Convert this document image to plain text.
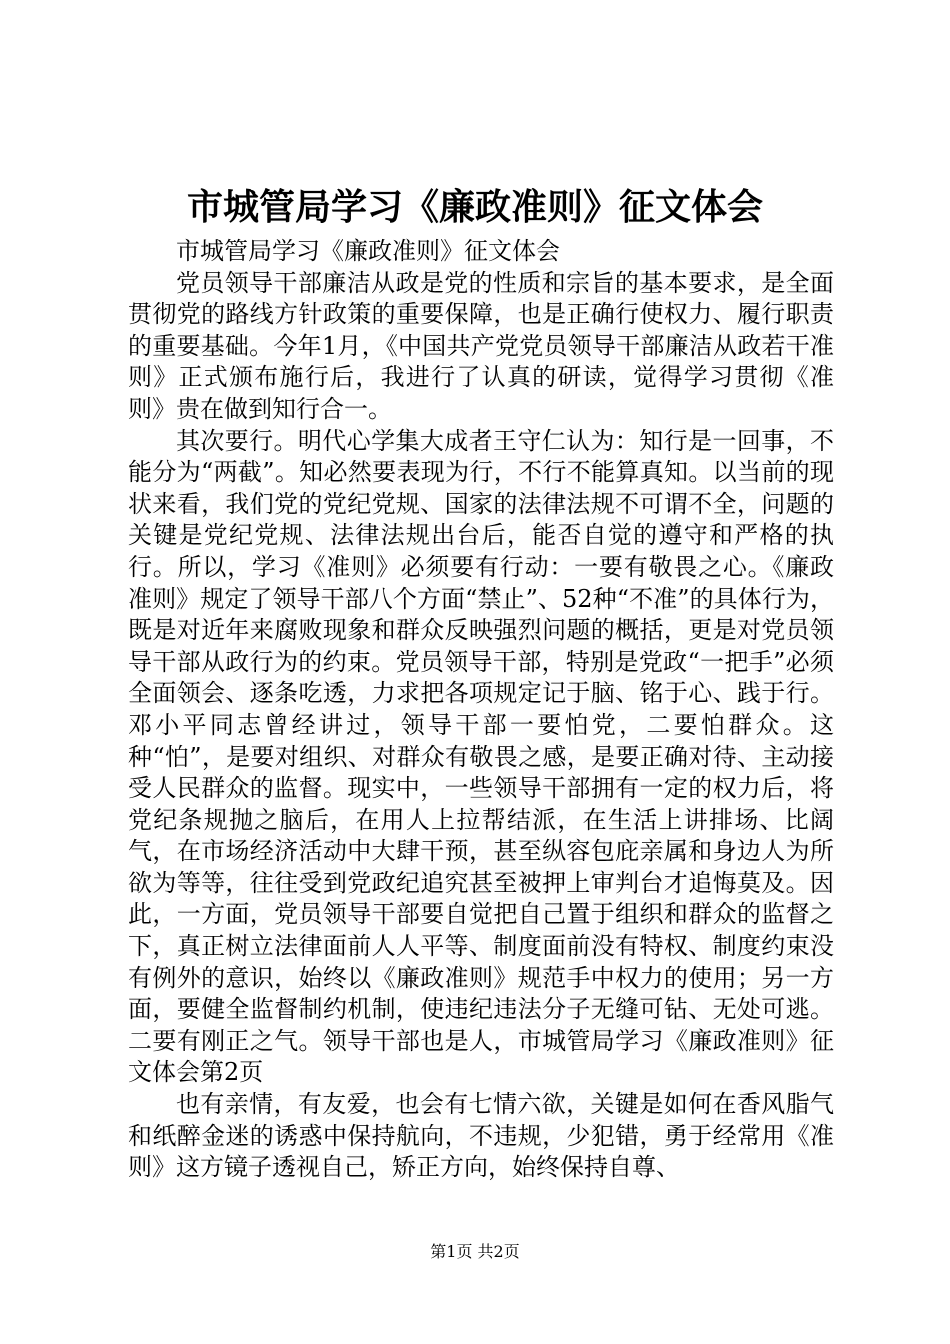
市城管局学习《廉政准则》征文体会

市城管局学习《廉政准则》征文体会

党员领导干部廉洁从政是党的性质和宗旨的基本要求，是全面贯彻党的路线方针政策的重要保障，也是正确行使权力、履行职责的重要基础。今年1月，《中国共产党党员领导干部廉洁从政若干准则》正式颁布施行后，我进行了认真的研读，觉得学习贯彻《准则》贵在做到知行合一。

其次要行。明代心学集大成者王守仁认为：知行是一回事，不能分为“两截”。知必然要表现为行，不行不能算真知。以当前的现状来看，我们党的党纪党规、国家的法律法规不可谓不全，问题的关键是党纪党规、法律法规出台后，能否自觉的遵守和严格的执行。所以，学习《准则》必须要有行动：一要有敬畏之心。《廉政准则》规定了领导干部八个方面“禁止”、52种“不准”的具体行为，既是对近年来腐败现象和群众反映强烈问题的概括，更是对党员领导干部从政行为的约束。党员领导干部，特别是党政“一把手”必须全面领会、逐条吃透，力求把各项规定记于脑、铭于心、践于行。邓小平同志曾经讲过，领导干部一要怕党，二要怕群众。这种“怕”，是要对组织、对群众有敬畏之感，是要正确对待、主动接受人民群众的监督。现实中，一些领导干部拥有一定的权力后，将党纪条规抛之脑后，在用人上拉帮结派，在生活上讲排场、比阔气，在市场经济活动中大肆干预，甚至纵容包庇亲属和身边人为所欲为等等，往往受到党政纪追究甚至被押上审判台才追悔莫及。因此，一方面，党员领导干部要自觉把自己置于组织和群众的监督之下，真正树立法律面前人人平等、制度面前没有特权、制度约束没有例外的意识，始终以《廉政准则》规范手中权力的使用；另一方面，要健全监督制约机制，使违纪违法分子无缝可钻、无处可逃。二要有刚正之气。领导干部也是人，市城管局学习《廉政准则》征文体会第2页

也有亲情，有友爱，也会有七情六欲，关键是如何在香风脂气和纸醉金迷的诱惑中保持航向，不违规，少犯错，勇于经常用《准则》这方镜子透视自己，矫正方向，始终保持自尊、

第1页 共2页
